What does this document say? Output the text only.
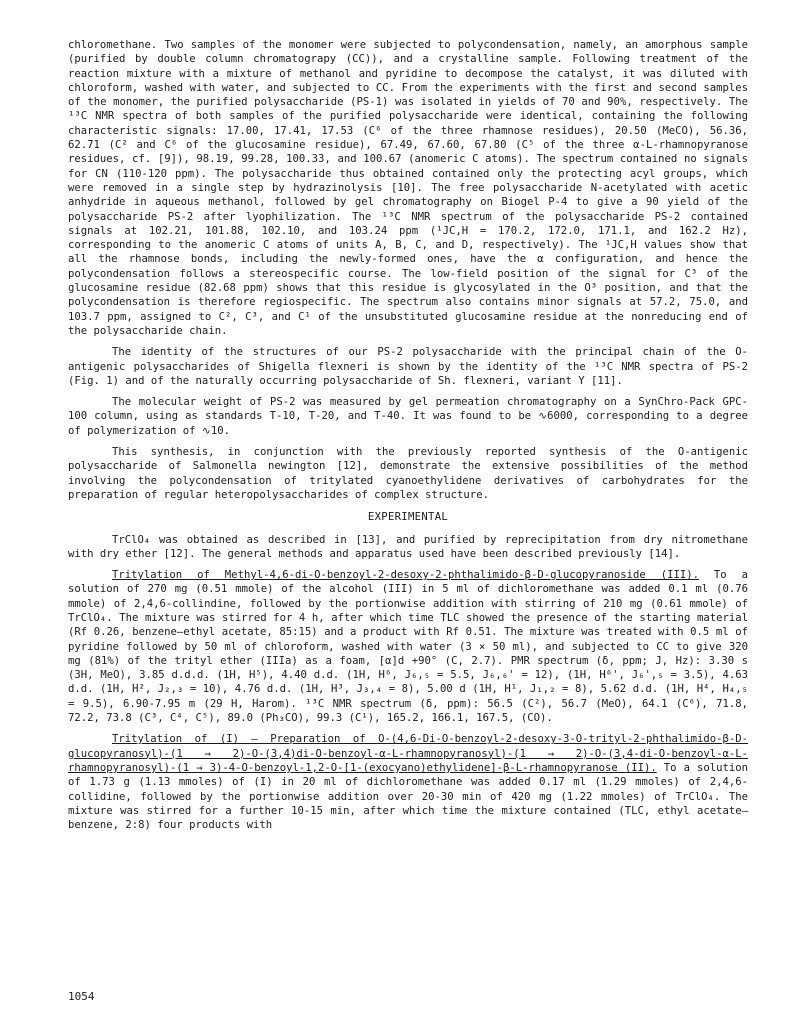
chloromethane. Two samples of the monomer were subjected to polycondensation, namely, an amorphous sample (purified by double column chromatograpy (CC)), and a crystalline sample. Following treatment of the reaction mixture with a mixture of methanol and pyridine to decompose the catalyst, it was diluted with chloroform, washed with water, and subjected to CC. From the experiments with the first and second samples of the monomer, the purified polysaccharide (PS-1) was isolated in yields of 70 and 90%, respectively. The ¹³C NMR spectra of both samples of the purified polysaccharide were identical, containing the following characteristic signals: 17.00, 17.41, 17.53 (C⁶ of the three rhamnose residues), 20.50 (MeCO), 56.36, 62.71 (C² and C⁶ of the glucosamine residue), 67.49, 67.60, 67.80 (C⁵ of the three α-L-rhamnopyranose residues, cf. [9]), 98.19, 99.28, 100.33, and 100.67 (anomeric C atoms). The spectrum contained no signals for CN (110-120 ppm). The polysaccharide thus obtained contained only the protecting acyl groups, which were removed in a single step by hydrazinolysis [10]. The free polysaccharide N-acetylated with acetic anhydride in aqueous methanol, followed by gel chromatography on Biogel P-4 to give a 90 yield of the polysaccharide PS-2 after lyophilization. The ¹³C NMR spectrum of the polysaccharide PS-2 contained signals at 102.21, 101.88, 102.10, and 103.24 ppm (¹JC,H = 170.2, 172.0, 171.1, and 162.2 Hz), corresponding to the anomeric C atoms of units A, B, C, and D, respectively). The ¹JC,H values show that all the rhamnose bonds, including the newly-formed ones, have the α configuration, and hence the polycondensation follows a stereospecific course. The low-field position of the signal for C³ of the glucosamine residue (82.68 ppm) shows that this residue is glycosylated in the O³ position, and that the polycondensation is therefore regiospecific. The spectrum also contains minor signals at 57.2, 75.0, and 103.7 ppm, assigned to C², C³, and C¹ of the unsubstituted glucosamine residue at the nonreducing end of the polysaccharide chain.

The identity of the structures of our PS-2 polysaccharide with the principal chain of the O-antigenic polysaccharides of Shigella flexneri is shown by the identity of the ¹³C NMR spectra of PS-2 (Fig. 1) and of the naturally occurring polysaccharide of Sh. flexneri, variant Y [11].

The molecular weight of PS-2 was measured by gel permeation chromatography on a SynChro-Pack GPC-100 column, using as standards T-10, T-20, and T-40. It was found to be ∿6000, corresponding to a degree of polymerization of ∿10.

This synthesis, in conjunction with the previously reported synthesis of the O-antigenic polysaccharide of Salmonella newington [12], demonstrate the extensive possibilities of the method involving the polycondensation of tritylated cyanoethylidene derivatives of carbohydrates for the preparation of regular heteropolysaccharides of complex structure.

EXPERIMENTAL

TrClO₄ was obtained as described in [13], and purified by reprecipitation from dry nitromethane with dry ether [12]. The general methods and apparatus used have been described previously [14].

Tritylation of Methyl-4,6-di-O-benzoyl-2-desoxy-2-phthalimido-β-D-glucopyranoside (III). To a solution of 270 mg (0.51 mmole) of the alcohol (III) in 5 ml of dichloromethane was added 0.1 ml (0.76 mmole) of 2,4,6-collindine, followed by the portionwise addition with stirring of 210 mg (0.61 mmole) of TrClO₄. The mixture was stirred for 4 h, after which time TLC showed the presence of the starting material (Rf 0.26, benzene—ethyl acetate, 85:15) and a product with Rf 0.51. The mixture was treated with 0.5 ml of pyridine followed by 50 ml of chloroform, washed with water (3 × 50 ml), and subjected to CC to give 320 mg (81%) of the trityl ether (IIIa) as a foam, [α]d +90° (C, 2.7). PMR spectrum (δ, ppm; J, Hz): 3.30 s (3H, MeO), 3.85 d.d.d. (1H, H⁵), 4.40 d.d. (1H, H⁶, J₆,₅ = 5.5, J₆,₆' = 12), (1H, H⁶', J₆',₅ = 3.5), 4.63 d.d. (1H, H², J₂,₃ = 10), 4.76 d.d. (1H, H³, J₃,₄ = 8), 5.00 d (1H, H¹, J₁,₂ = 8), 5.62 d.d. (1H, H⁴, H₄,₅ = 9.5), 6.90-7.95 m (29 H, Harom). ¹³C NMR spectrum (δ, ppm): 56.5 (C²), 56.7 (MeO), 64.1 (C⁶), 71.8, 72.2, 73.8 (C³, C⁴, C⁵), 89.0 (Ph₃CO), 99.3 (C¹), 165.2, 166.1, 167.5, (CO).

Tritylation of (I) — Preparation of O-(4,6-Di-O-benzoyl-2-desoxy-3-O-trityl-2-phthalimido-β-D-glucopyranosyl)-(1 → 2)-O-(3,4)di-O-benzoyl-α-L-rhamnopyranosyl)-(1 → 2)-O-(3,4-di-O-benzoyl-α-L-rhamnopyranosyl)-(1 → 3)-4-O-benzoyl-1,2-O-[1-(exocyano)ethylidene]-β-L-rhamnopyranose (II). To a solution of 1.73 g (1.13 mmoles) of (I) in 20 ml of dichloromethane was added 0.17 ml (1.29 mmoles) of 2,4,6-collidine, followed by the portionwise addition over 20-30 min of 420 mg (1.22 mmoles) of TrClO₄. The mixture was stirred for a further 10-15 min, after which time the mixture contained (TLC, ethyl acetate—benzene, 2:8) four products with

1054
